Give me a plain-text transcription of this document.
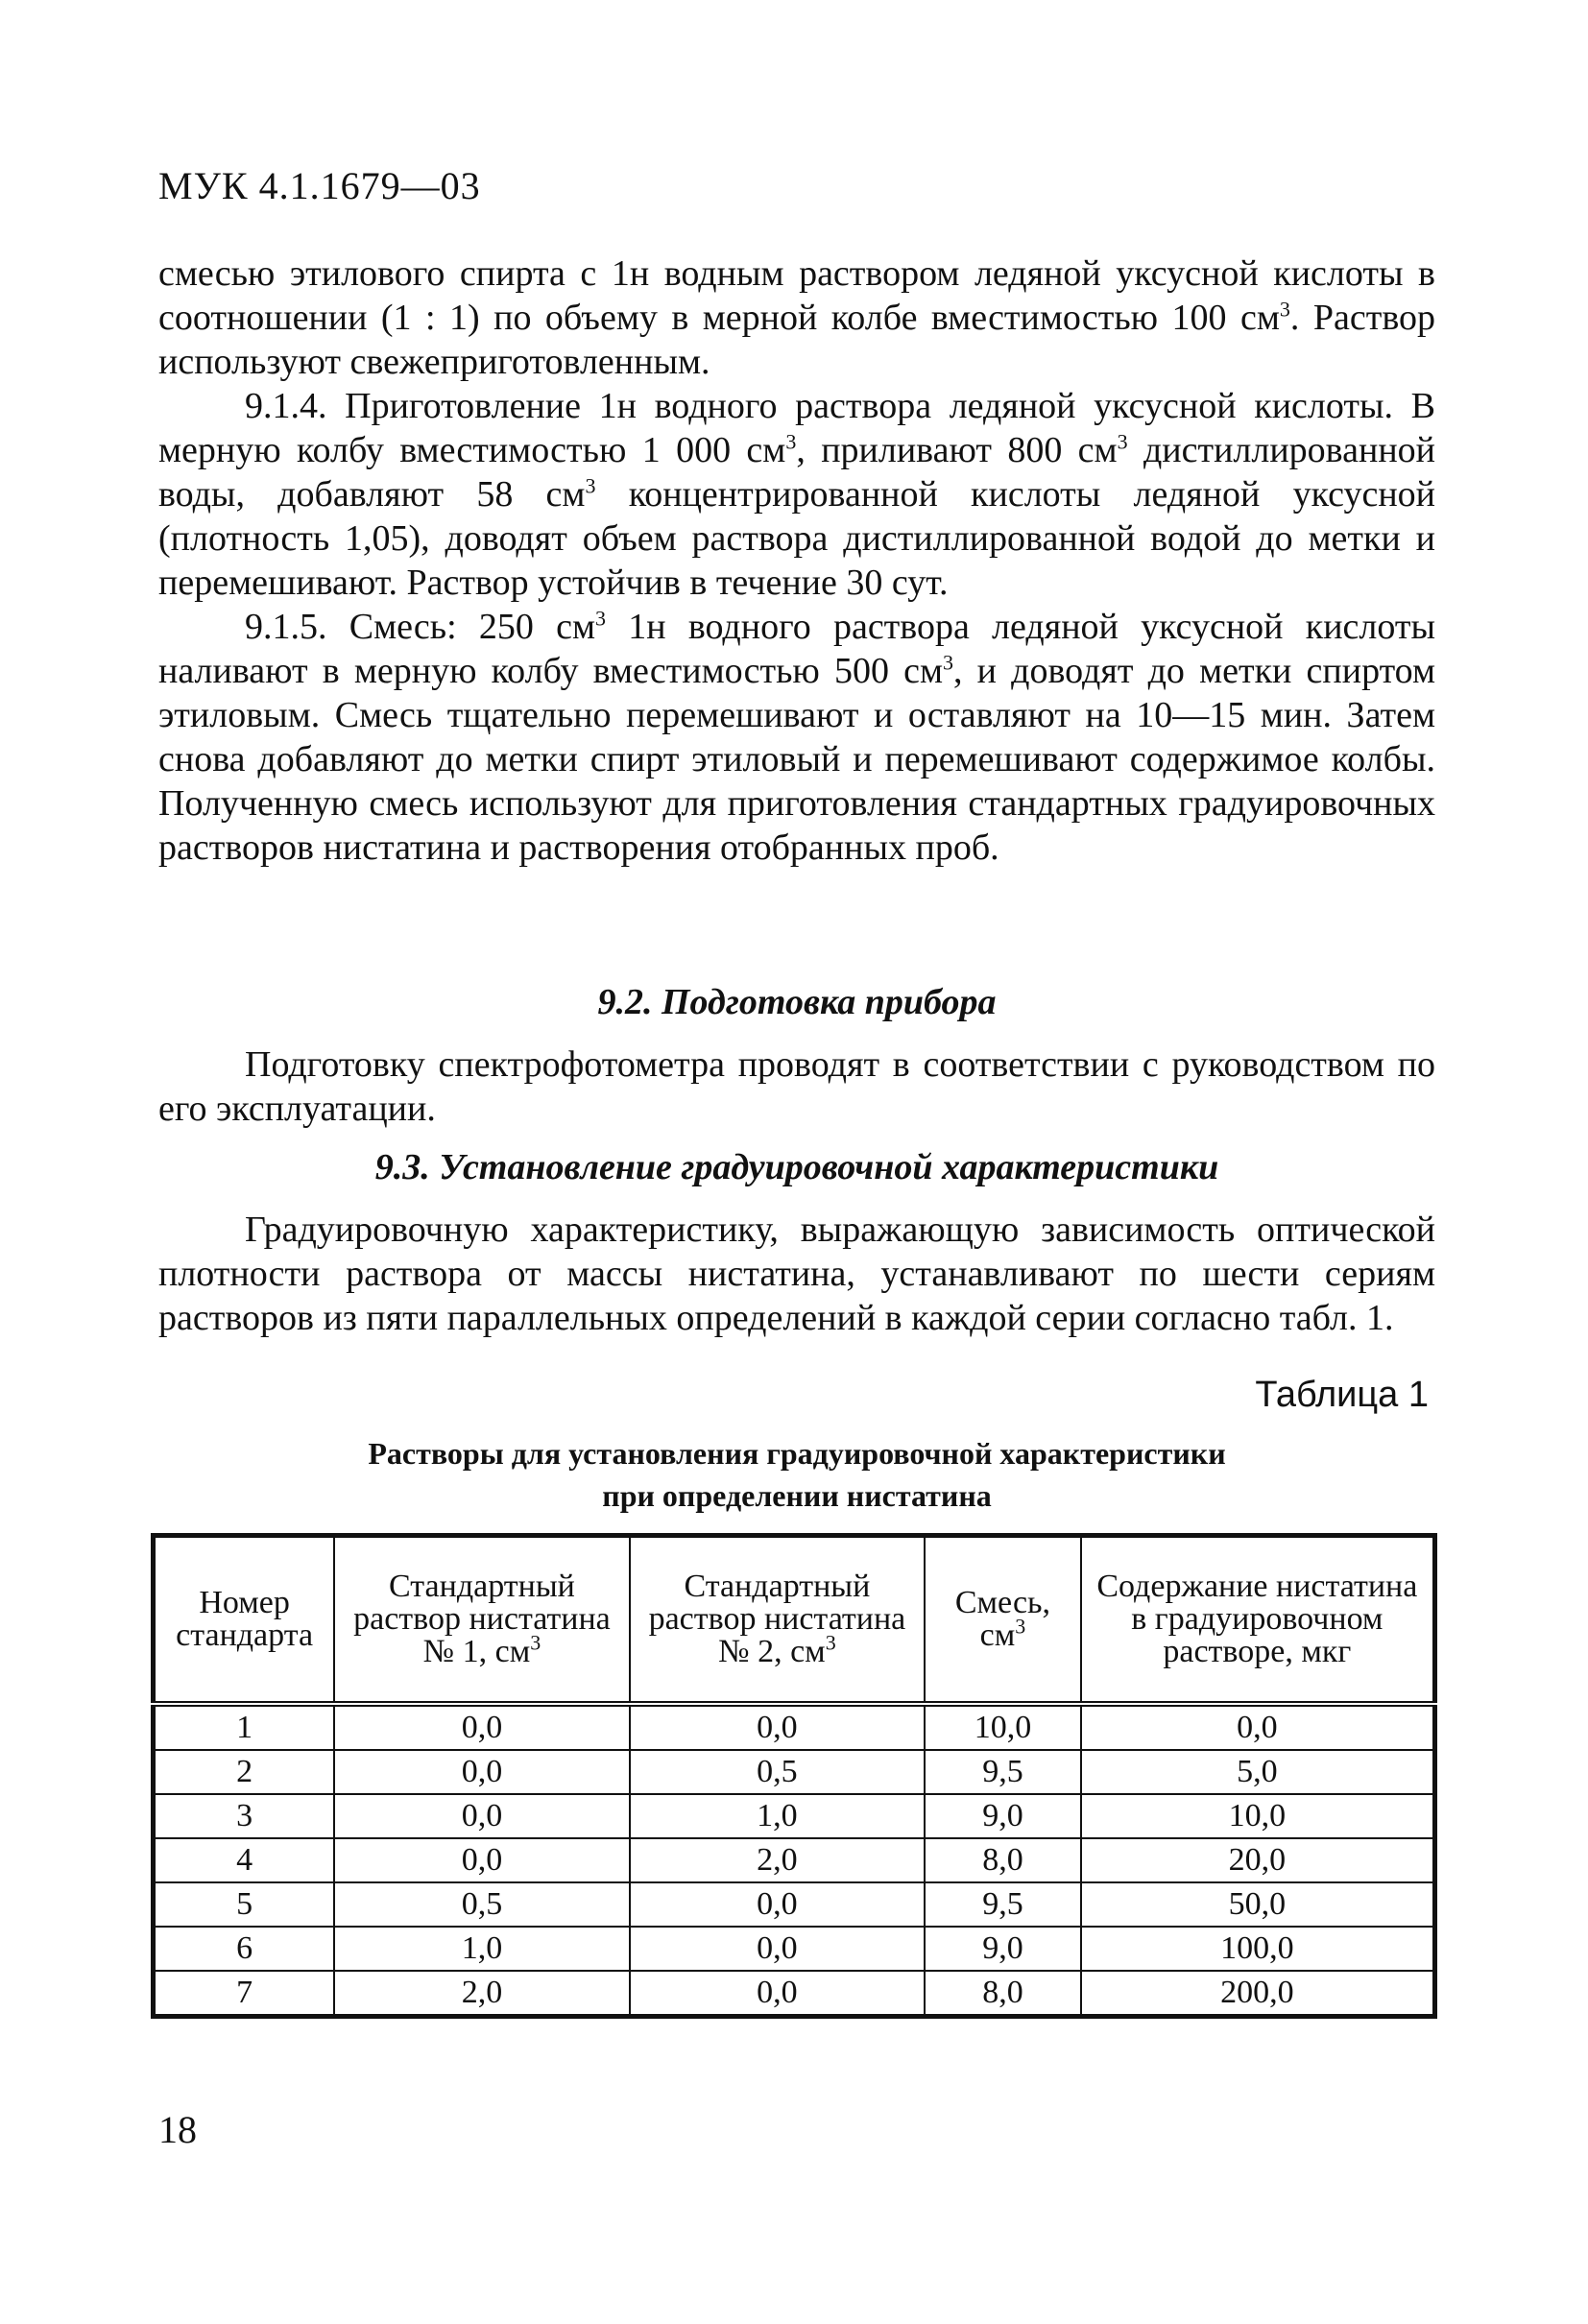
МУК 4.1.1679—03

смесью этилового спирта с 1н водным раствором ледяной уксусной кислоты в соотношении (1 : 1) по объему в мерной колбе вместимостью 100 $см^3$. Раствор используют свежеприготовленным.

9.1.4. Приготовление 1н водного раствора ледяной уксусной кислоты. В мерную колбу вместимостью 1 000 $см^3$, приливают 800 $см^3$ дистиллированной воды, добавляют 58 $см^3$ концентрированной кислоты ледяной уксусной (плотность 1,05), доводят объем раствора дистиллированной водой до метки и перемешивают. Раствор устойчив в течение 30 сут.

9.1.5. Смесь: 250 $см^3$ 1н водного раствора ледяной уксусной кислоты наливают в мерную колбу вместимостью 500 $см^3$, и доводят до метки спиртом этиловым. Смесь тщательно перемешивают и оставляют на 10—15 мин. Затем снова добавляют до метки спирт этиловый и перемешивают содержимое колбы. Полученную смесь используют для приготовления стандартных градуировочных растворов нистатина и растворения отобранных проб.

9.2. Подготовка прибора

Подготовку спектрофотометра проводят в соответствии с руководством по его эксплуатации.

9.3. Установление градуировочной характеристики

Градуировочную характеристику, выражающую зависимость оптической плотности раствора от массы нистатина, устанавливают по шести сериям растворов из пяти параллельных определений в каждой серии согласно табл. 1.

Таблица 1
Растворы для установления градуировочной характеристики
при определении нистатина
Номер стандарта	Стандартный раствор нистатина № 1, $см^3$	Стандартный раствор нистатина № 2, $см^3$	Смесь, $см^3$	Содержание нистатина в градуировочном растворе, мкг
1	0,0	0,0	10,0	0,0
2	0,0	0,5	9,5	5,0
3	0,0	1,0	9,0	10,0
4	0,0	2,0	8,0	20,0
5	0,5	0,0	9,5	50,0
6	1,0	0,0	9,0	100,0
7	2,0	0,0	8,0	200,0
18
